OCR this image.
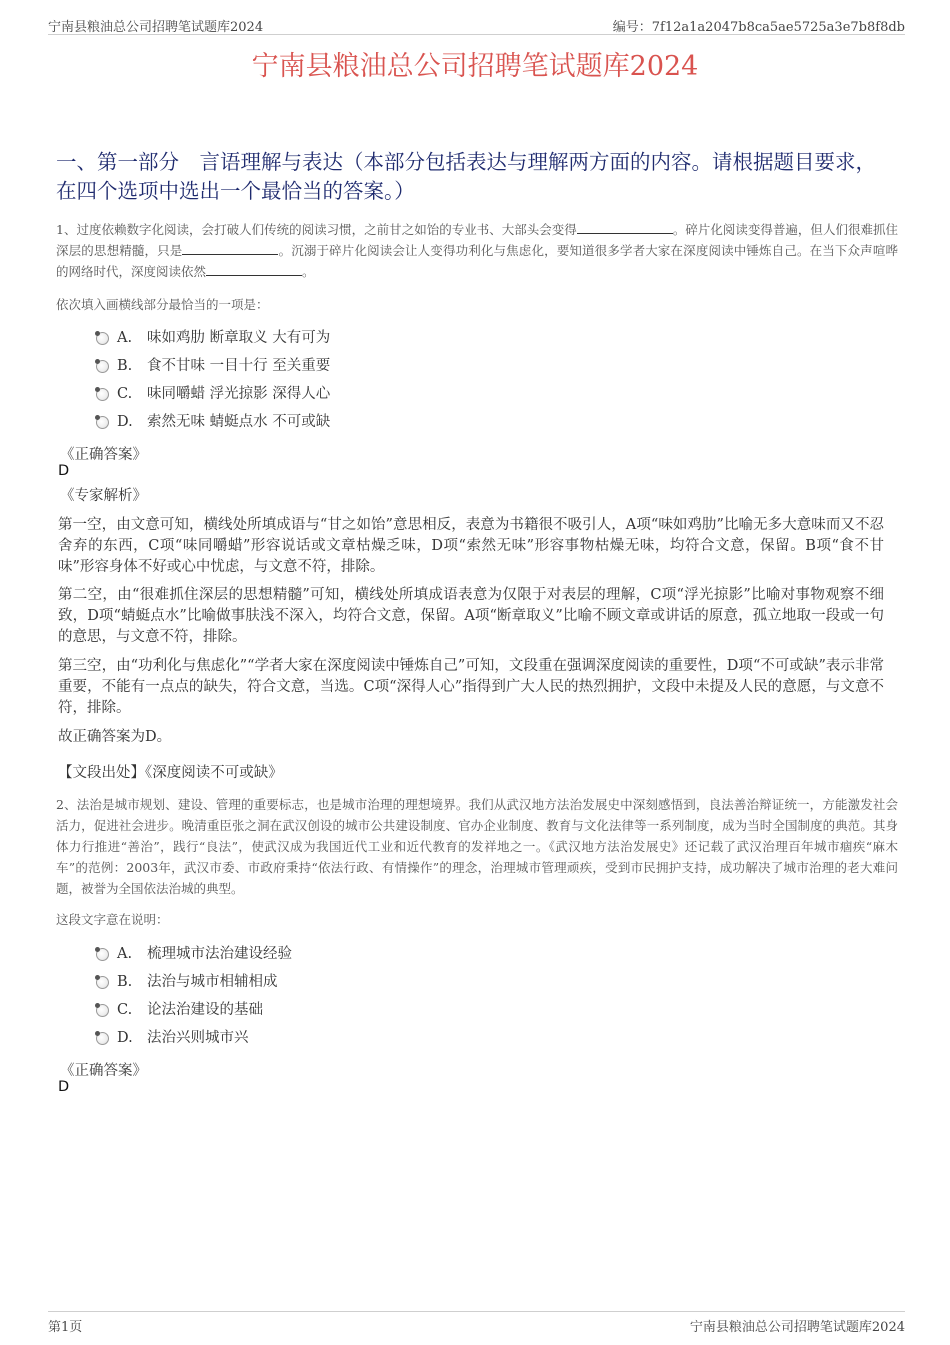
宁南县粮油总公司招聘笔试题库2024	编号：7f12a1a2047b8ca5ae5725a3e7b8f8db
宁南县粮油总公司招聘笔试题库2024
一、第一部分　言语理解与表达（本部分包括表达与理解两方面的内容。请根据题目要求，在四个选项中选出一个最恰当的答案。）
1、过度依赖数字化阅读，会打破人们传统的阅读习惯，之前甘之如饴的专业书、大部头会变得	。碎片化阅读变得普遍，但人们很难抓住深层的思想精髓，只是	。沉溺于碎片化阅读会让人变得功利化与焦虑化，要知道很多学者大家在深度阅读中锤炼自己。在当下众声喧哗的网络时代，深度阅读依然	。
依次填入画横线部分最恰当的一项是：
A. 味如鸡肋 断章取义 大有可为
B. 食不甘味 一目十行 至关重要
C. 味同嚼蜡 浮光掠影 深得人心
D. 索然无味 蜻蜓点水 不可或缺
《正确答案》
D
《专家解析》
第一空，由文意可知，横线处所填成语与“甘之如饴”意思相反，表意为书籍很不吸引人，A项“味如鸡肋”比喻无多大意味而又不忍舍弃的东西，C项“味同嚼蜡”形容说话或文章枯燥乏味，D项“索然无味”形容事物枯燥无味，均符合文意，保留。B项“食不甘味”形容身体不好或心中忧虑，与文意不符，排除。
第二空，由“很难抓住深层的思想精髓”可知，横线处所填成语表意为仅限于对表层的理解，C项“浮光掠影”比喻对事物观察不细致，D项“蜻蜓点水”比喻做事肤浅不深入，均符合文意，保留。A项“断章取义”比喻不顾文章或讲话的原意，孤立地取一段或一句的意思，与文意不符，排除。
第三空，由“功利化与焦虑化”“学者大家在深度阅读中锤炼自己”可知，文段重在强调深度阅读的重要性，D项“不可或缺”表示非常重要，不能有一点点的缺失，符合文意，当选。C项“深得人心”指得到广大人民的热烈拥护，文段中未提及人民的意愿，与文意不符，排除。
故正确答案为D。
【文段出处】《深度阅读不可或缺》
2、法治是城市规划、建设、管理的重要标志，也是城市治理的理想境界。我们从武汉地方法治发展史中深刻感悟到，良法善治辩证统一，方能激发社会活力，促进社会进步。晚清重臣张之洞在武汉创设的城市公共建设制度、官办企业制度、教育与文化法律等一系列制度，成为当时全国制度的典范。其身体力行推进“善治”，践行“良法”，使武汉成为我国近代工业和近代教育的发祥地之一。《武汉地方法治发展史》还记载了武汉治理百年城市痼疾“麻木车”的范例：2003年，武汉市委、市政府秉持“依法行政、有情操作”的理念，治理城市管理顽疾，受到市民拥护支持，成功解决了城市治理的老大难问题，被誉为全国依法治城的典型。
这段文字意在说明：
A. 梳理城市法治建设经验
B. 法治与城市相辅相成
C. 论法治建设的基础
D. 法治兴则城市兴
《正确答案》
D
第1页	宁南县粮油总公司招聘笔试题库2024
